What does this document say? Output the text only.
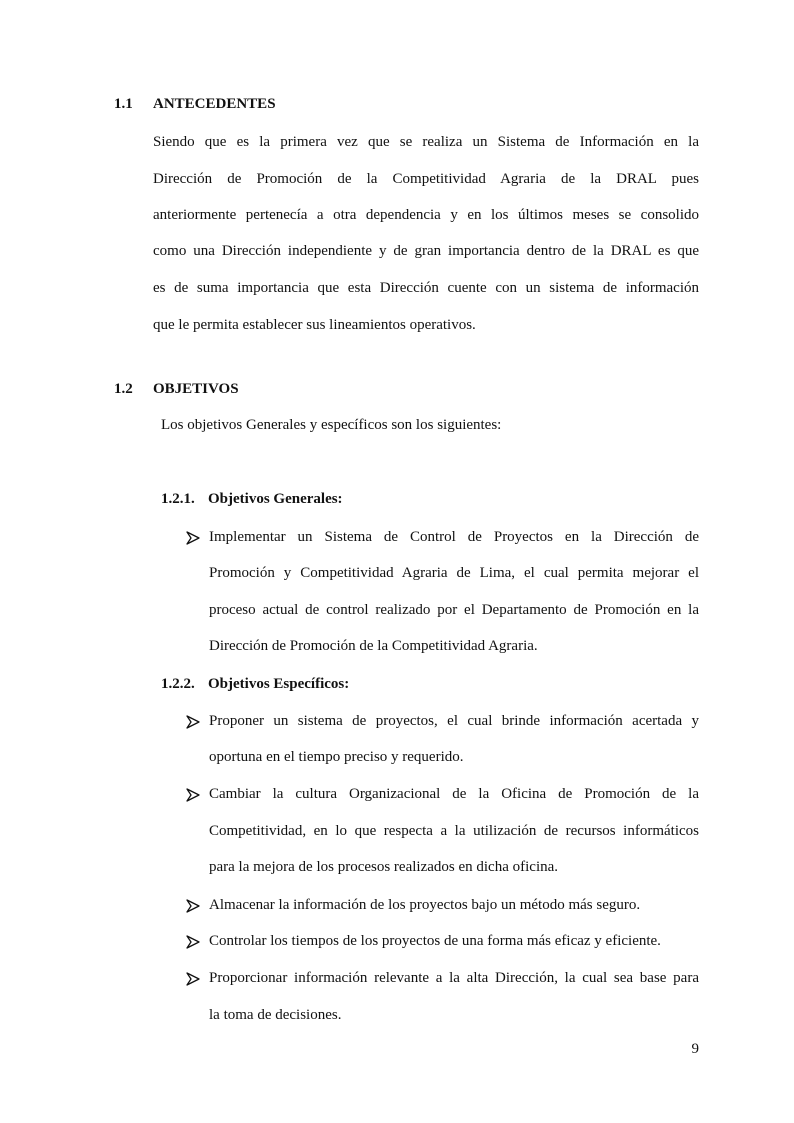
1.1 ANTECEDENTES

Siendo que es la primera vez que se realiza un Sistema de Información en la

Dirección de Promoción de la Competitividad Agraria de la DRAL pues

anteriormente pertenecía a otra dependencia y en los últimos meses se consolido

como una Dirección independiente y de gran importancia dentro de la DRAL es que

es de suma importancia que esta Dirección cuente con un sistema de información

que le permita establecer sus lineamientos operativos.

1.2 OBJETIVOS
Los objetivos Generales y específicos son los siguientes:
1.2.1. Objetivos Generales:

Implementar un Sistema de Control de Proyectos en la Dirección de

Promoción y Competitividad Agraria de Lima, el cual permita mejorar el

proceso actual de control realizado por el Departamento de Promoción en la

Dirección de Promoción de la Competitividad Agraria.

1.2.2. Objetivos Específicos:

Proponer un sistema de proyectos, el cual brinde información acertada y

oportuna en el tiempo preciso y requerido.

Cambiar la cultura Organizacional de la Oficina de Promoción de la

Competitividad, en lo que respecta a la utilización de recursos informáticos

para la mejora de los procesos realizados en dicha oficina.

Almacenar la información de los proyectos bajo un método más seguro.

Controlar los tiempos de los proyectos de una forma más eficaz y eficiente.

Proporcionar información relevante a la alta Dirección, la cual sea base para

la toma de decisiones.

9
